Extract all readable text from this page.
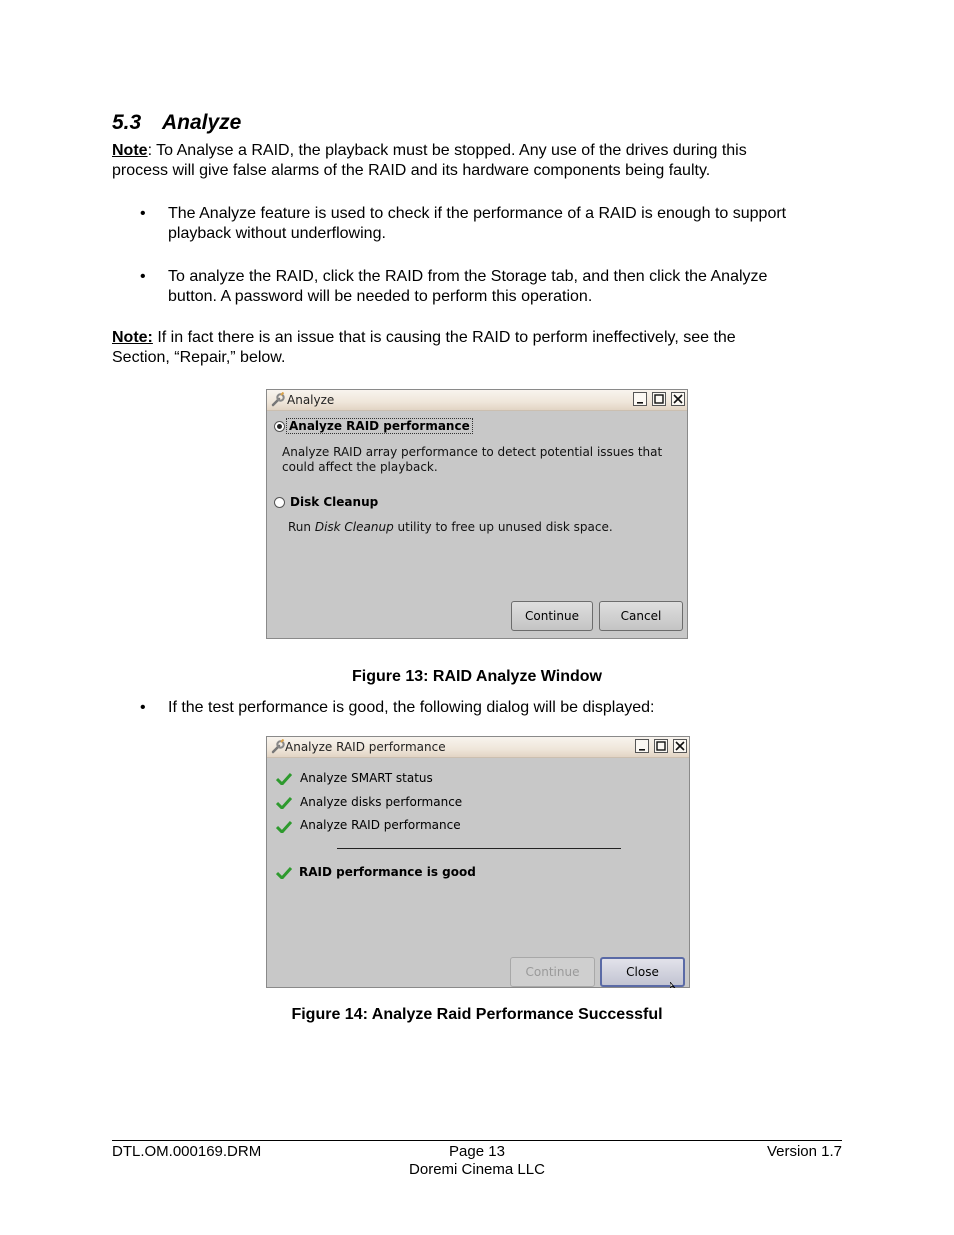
5.3 Analyze
Note: To Analyse a RAID, the playback must be stopped. Any use of the drives during this
process will give false alarms of the RAID and its hardware components being faulty.
• The Analyze feature is used to check if the performance of a RAID is enough to support
playback without underflowing.
• To analyze the RAID, click the RAID from the Storage tab, and then click the Analyze
button. A password will be needed to perform this operation.
Note: If in fact there is an issue that is causing the RAID to perform ineffectively, see the
Section, “Repair,” below.
Analyze
Analyze RAID performance
Analyze RAID array performance to detect potential issues that
could affect the playback.
Disk Cleanup
Run Disk Cleanup utility to free up unused disk space.
Continue	Cancel
Figure 13: RAID Analyze Window
• If the test performance is good, the following dialog will be displayed:
Analyze RAID performance
Analyze SMART status
Analyze disks performance
Analyze RAID performance
RAID performance is good
Continue	Close
Figure 14: Analyze Raid Performance Successful
DTL.OM.000169.DRM	Page 13
Doremi Cinema LLC
Version 1.7
